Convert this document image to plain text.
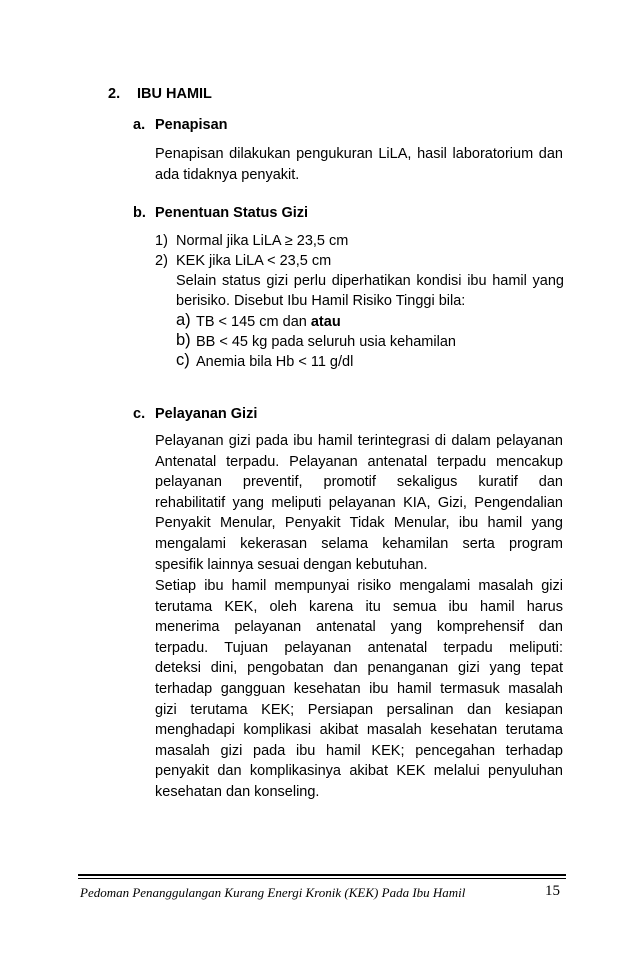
2. IBU HAMIL
a. Penapisan
Penapisan dilakukan pengukuran LiLA, hasil laboratorium dan
ada tidaknya penyakit.
b. Penentuan Status Gizi
1) Normal jika LiLA ≥ 23,5 cm
2) KEK jika LiLA < 23,5 cm
Selain status gizi perlu diperhatikan kondisi ibu hamil yang
berisiko. Disebut Ibu Hamil Risiko Tinggi bila:
a) TB < 145 cm dan atau
b) BB < 45 kg pada seluruh usia kehamilan
c) Anemia bila Hb < 11 g/dl
c. Pelayanan Gizi
Pelayanan gizi pada ibu hamil terintegrasi di dalam pelayanan
Antenatal terpadu. Pelayanan antenatal terpadu mencakup
pelayanan preventif, promotif sekaligus kuratif dan
rehabilitatif yang meliputi pelayanan KIA, Gizi, Pengendalian
Penyakit Menular, Penyakit Tidak Menular, ibu hamil yang
mengalami kekerasan selama kehamilan serta program
spesifik lainnya sesuai dengan kebutuhan.
Setiap ibu hamil mempunyai risiko mengalami masalah gizi
terutama KEK, oleh karena itu semua ibu hamil harus
menerima pelayanan antenatal yang komprehensif dan
terpadu. Tujuan pelayanan antenatal terpadu meliputi:
deteksi dini, pengobatan dan penanganan gizi yang tepat
terhadap gangguan kesehatan ibu hamil termasuk masalah
gizi terutama KEK; Persiapan persalinan dan kesiapan
menghadapi komplikasi akibat masalah kesehatan terutama
masalah gizi pada ibu hamil KEK; pencegahan terhadap
penyakit dan komplikasinya akibat KEK melalui penyuluhan
kesehatan dan konseling.
Pedoman Penanggulangan Kurang Energi Kronik (KEK) Pada Ibu Hamil	15
